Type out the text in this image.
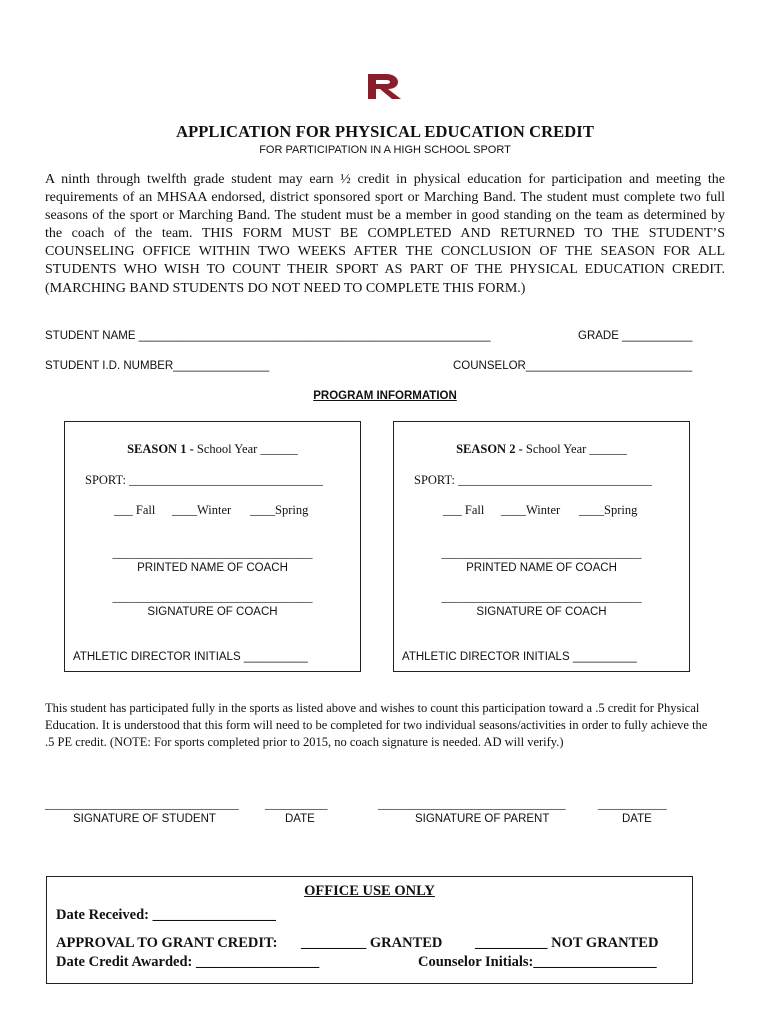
APPLICATION FOR PHYSICAL EDUCATION CREDIT
FOR PARTICIPATION IN A HIGH SCHOOL SPORT

A ninth through twelfth grade student may earn ½ credit in physical education for participation and meeting the requirements of an MHSAA endorsed, district sponsored sport or Marching Band. The student must complete two full seasons of the sport or Marching Band. The student must be a member in good standing on the team as determined by the coach of the team. THIS FORM MUST BE COMPLETED AND RETURNED TO THE STUDENT’S COUNSELING OFFICE WITHIN TWO WEEKS AFTER THE CONCLUSION OF THE SEASON FOR ALL STUDENTS WHO WISH TO COUNT THEIR SPORT AS PART OF THE PHYSICAL EDUCATION CREDIT. (MARCHING BAND STUDENTS DO NOT NEED TO COMPLETE THIS FORM.)

STUDENT NAME _______________________________________________________	GRADE ___________
STUDENT I.D. NUMBER_______________	COUNSELOR__________________________
PROGRAM INFORMATION
SEASON 1 - School Year ______
SPORT: _______________________________
___ Fall ____Winter ____Spring
________________________________
PRINTED NAME OF COACH
________________________________
SIGNATURE OF COACH
ATHLETIC DIRECTOR INITIALS __________
SEASON 2 - School Year ______
SPORT: _______________________________
___ Fall ____Winter ____Spring
________________________________
PRINTED NAME OF COACH
________________________________
SIGNATURE OF COACH
ATHLETIC DIRECTOR INITIALS __________
This student has participated fully in the sports as listed above and wishes to count this participation toward a .5 credit for Physical Education. It is understood that this form will need to be completed for two individual seasons/activities in order to fully achieve the .5 PE credit. (NOTE: For sports completed prior to 2015, no coach signature is needed. AD will verify.)
_______________________________
SIGNATURE OF STUDENT
__________
DATE
______________________________
SIGNATURE OF PARENT
___________
DATE
OFFICE USE ONLY
Date Received: _________________
APPROVAL TO GRANT CREDIT: _________ GRANTED __________ NOT GRANTED
Date Credit Awarded: _________________	Counselor Initials:_________________
